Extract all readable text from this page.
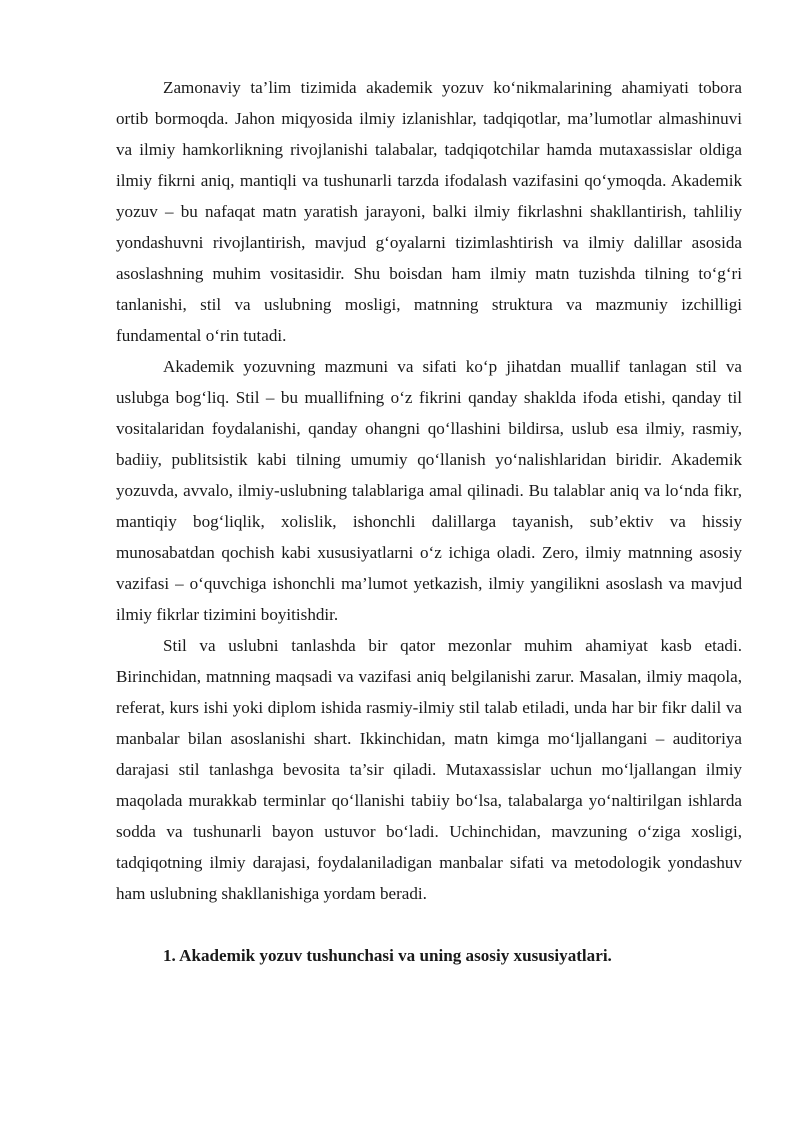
Zamonaviy ta’lim tizimida akademik yozuv ko‘nikmalarining ahamiyati tobora ortib bormoqda. Jahon miqyosida ilmiy izlanishlar, tadqiqotlar, ma’lumotlar almashinuvi va ilmiy hamkorlikning rivojlanishi talabalar, tadqiqotchilar hamda mutaxassislar oldiga ilmiy fikrni aniq, mantiqli va tushunarli tarzda ifodalash vazifasini qo‘ymoqda. Akademik yozuv – bu nafaqat matn yaratish jarayoni, balki ilmiy fikrlashni shakllantirish, tahliliy yondashuvni rivojlantirish, mavjud g‘oyalarni tizimlashtirish va ilmiy dalillar asosida asoslashning muhim vositasidir. Shu boisdan ham ilmiy matn tuzishda tilning to‘g‘ri tanlanishi, stil va uslubning mosligi, matnning struktura va mazmuniy izchilligi fundamental o‘rin tutadi.

Akademik yozuvning mazmuni va sifati ko‘p jihatdan muallif tanlagan stil va uslubga bog‘liq. Stil – bu muallifning o‘z fikrini qanday shaklda ifoda etishi, qanday til vositalaridan foydalanishi, qanday ohangni qo‘llashini bildirsa, uslub esa ilmiy, rasmiy, badiiy, publitsistik kabi tilning umumiy qo‘llanish yo‘nalishlaridan biridir. Akademik yozuvda, avvalo, ilmiy-uslubning talablariga amal qilinadi. Bu talablar aniq va lo‘nda fikr, mantiqiy bog‘liqlik, xolislik, ishonchli dalillarga tayanish, sub’ektiv va hissiy munosabatdan qochish kabi xususiyatlarni o‘z ichiga oladi. Zero, ilmiy matnning asosiy vazifasi – o‘quvchiga ishonchli ma’lumot yetkazish, ilmiy yangilikni asoslash va mavjud ilmiy fikrlar tizimini boyitishdir.

Stil va uslubni tanlashda bir qator mezonlar muhim ahamiyat kasb etadi. Birinchidan, matnning maqsadi va vazifasi aniq belgilanishi zarur. Masalan, ilmiy maqola, referat, kurs ishi yoki diplom ishida rasmiy-ilmiy stil talab etiladi, unda har bir fikr dalil va manbalar bilan asoslanishi shart. Ikkinchidan, matn kimga mo‘ljallangani – auditoriya darajasi stil tanlashga bevosita ta’sir qiladi. Mutaxassislar uchun mo‘ljallangan ilmiy maqolada murakkab terminlar qo‘llanishi tabiiy bo‘lsa, talabalarga yo‘naltirilgan ishlarda sodda va tushunarli bayon ustuvor bo‘ladi. Uchinchidan, mavzuning o‘ziga xosligi, tadqiqotning ilmiy darajasi, foydalaniladigan manbalar sifati va metodologik yondashuv ham uslubning shakllanishiga yordam beradi.

1. Akademik yozuv tushunchasi va uning asosiy xususiyatlari.
